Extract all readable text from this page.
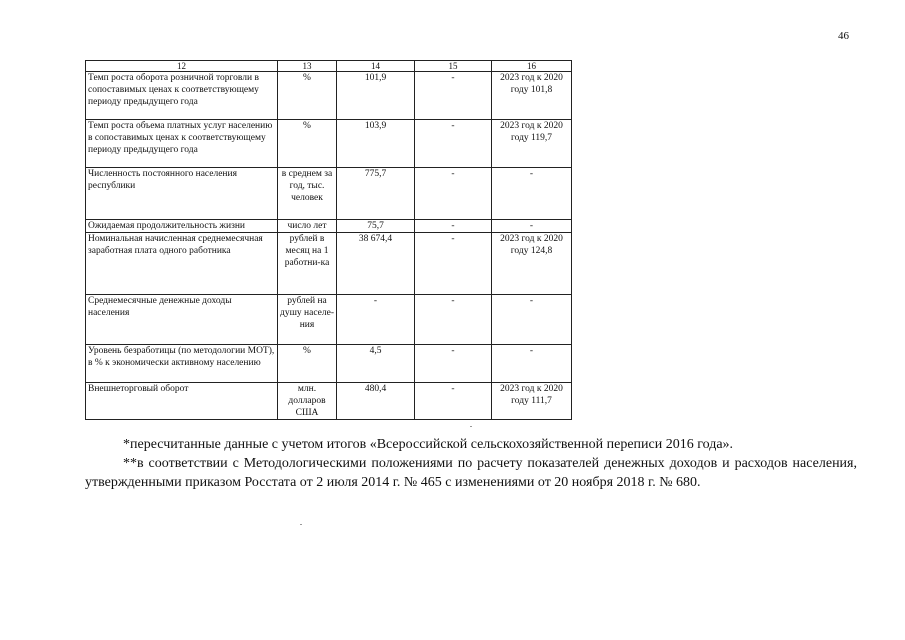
46
12	13	14	15	16
Темп роста оборота розничной торговли в сопоставимых ценах к соответствующему периоду предыдущего года	%	101,9	-	2023 год к 2020 году 101,8
Темп роста объема платных услуг населению в сопоставимых ценах к соответствующему периоду предыдущего года	%	103,9	-	2023 год к 2020 году 119,7
Численность постоянного населения республики	в среднем за год, тыс. человек	775,7	-	-
Ожидаемая продолжительность жизни	число лет	75,7	-	-
Номинальная начисленная среднемесячная заработная плата одного работника	рублей в месяц на 1 работни-ка	38 674,4	-	2023 год к 2020 году 124,8
Среднемесячные денежные доходы населения	рублей на душу населе-ния	-	-	-
Уровень безработицы (по методологии МОТ), в % к экономически активному населению	%	4,5	-	-
Внешнеторговый оборот	млн. долларов США	480,4	-	2023 год к 2020 году 111,7

*пересчитанные данные с учетом итогов «Всероссийской сельскохозяйственной переписи 2016 года».

**в соответствии с Методологическими положениями по расчету показателей денежных доходов и расходов населения, утвержденными приказом Росстата от 2 июля 2014 г. № 465 с изменениями от 20 ноября 2018 г. № 680.
